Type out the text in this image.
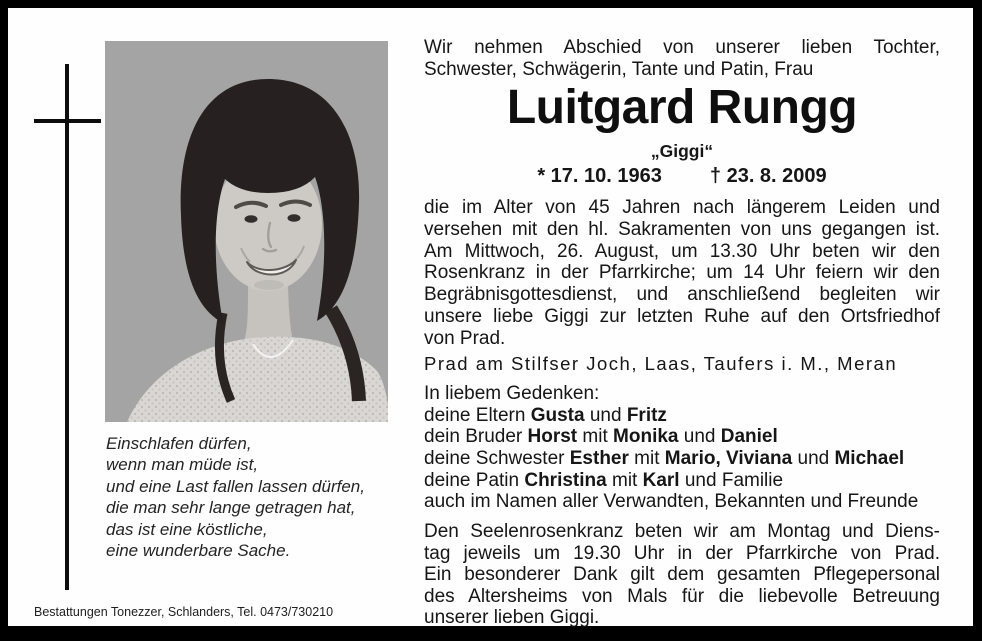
Einschlafen dürfen,
wenn man müde ist,
und eine Last fallen lassen dürfen,
die man sehr lange getragen hat,
das ist eine köstliche,
eine wunderbare Sache.
Bestattungen Tonezzer, Schlanders, Tel. 0473/730210
Wir nehmen Abschied von unserer lieben Tochter,
Schwester, Schwägerin, Tante und Patin, Frau
Luitgard Rungg
„Giggi“
* 17. 10. 1963 † 23. 8. 2009
die im Alter von 45 Jahren nach längerem Leiden und
versehen mit den hl. Sakramenten von uns gegangen ist.
Am Mittwoch, 26. August, um 13.30 Uhr beten wir den
Rosenkranz in der Pfarrkirche; um 14 Uhr feiern wir den
Begräbnisgottesdienst, und anschließend begleiten wir
unsere liebe Giggi zur letzten Ruhe auf den Ortsfriedhof
von Prad.
Prad am Stilfser Joch, Laas, Taufers i. M., Meran
In liebem Gedenken:
deine Eltern Gusta und Fritz
dein Bruder Horst mit Monika und Daniel
deine Schwester Esther mit Mario, Viviana und Michael
deine Patin Christina mit Karl und Familie
auch im Namen aller Verwandten, Bekannten und Freunde
Den Seelenrosenkranz beten wir am Montag und Diens-
tag jeweils um 19.30 Uhr in der Pfarrkirche von Prad.
Ein besonderer Dank gilt dem gesamten Pflegepersonal
des Altersheims von Mals für die liebevolle Betreuung
unserer lieben Giggi.
